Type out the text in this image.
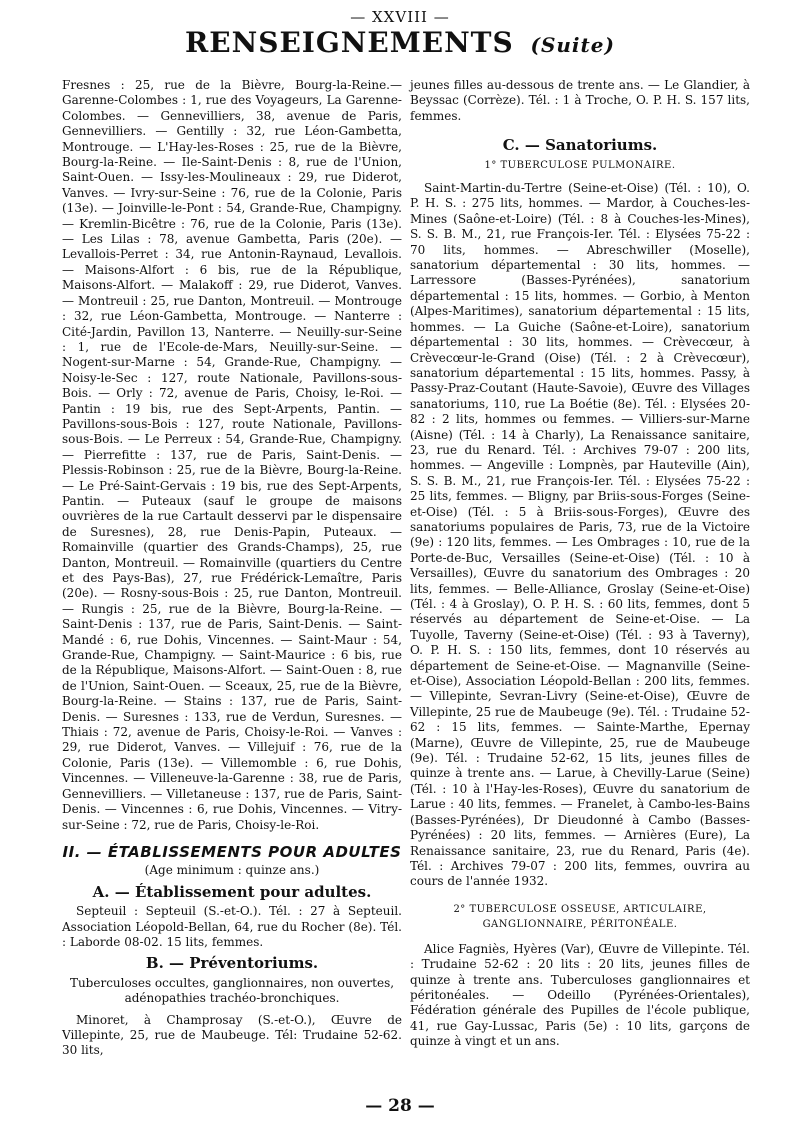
— XXVIII —
RENSEIGNEMENTS (Suite)

Fresnes : 25, rue de la Bièvre, Bourg-la-Reine.— Garenne-Colombes : 1, rue des Voyageurs, La Garenne-Colombes. — Gennevilliers, 38, avenue de Paris, Gennevilliers. — Gentilly : 32, rue Léon-Gambetta, Montrouge. — L'Hay-les-Roses : 25, rue de la Bièvre, Bourg-la-Reine. — Ile-Saint-Denis : 8, rue de l'Union, Saint-Ouen. — Issy-les-Moulineaux : 29, rue Diderot, Vanves. — Ivry-sur-Seine : 76, rue de la Colonie, Paris (13e). — Joinville-le-Pont : 54, Grande-Rue, Champigny. — Kremlin-Bicêtre : 76, rue de la Colonie, Paris (13e). — Les Lilas : 78, avenue Gambetta, Paris (20e). — Levallois-Perret : 34, rue Antonin-Raynaud, Levallois. — Maisons-Alfort : 6 bis, rue de la République, Maisons-Alfort. — Malakoff : 29, rue Diderot, Vanves. — Montreuil : 25, rue Danton, Montreuil. — Montrouge : 32, rue Léon-Gambetta, Montrouge. — Nanterre : Cité-Jardin, Pavillon 13, Nanterre. — Neuilly-sur-Seine : 1, rue de l'Ecole-de-Mars, Neuilly-sur-Seine. — Nogent-sur-Marne : 54, Grande-Rue, Champigny. — Noisy-le-Sec : 127, route Nationale, Pavillons-sous-Bois. — Orly : 72, avenue de Paris, Choisy, le-Roi. — Pantin : 19 bis, rue des Sept-Arpents, Pantin. — Pavillons-sous-Bois : 127, route Nationale, Pavillons-sous-Bois. — Le Perreux : 54, Grande-Rue, Champigny. — Pierrefitte : 137, rue de Paris, Saint-Denis. — Plessis-Robinson : 25, rue de la Bièvre, Bourg-la-Reine. — Le Pré-Saint-Gervais : 19 bis, rue des Sept-Arpents, Pantin. — Puteaux (sauf le groupe de maisons ouvrières de la rue Cartault desservi par le dispensaire de Suresnes), 28, rue Denis-Papin, Puteaux. — Romainville (quartier des Grands-Champs), 25, rue Danton, Montreuil. — Romainville (quartiers du Centre et des Pays-Bas), 27, rue Frédérick-Lemaître, Paris (20e). — Rosny-sous-Bois : 25, rue Danton, Montreuil. — Rungis : 25, rue de la Bièvre, Bourg-la-Reine. — Saint-Denis : 137, rue de Paris, Saint-Denis. — Saint-Mandé : 6, rue Dohis, Vincennes. — Saint-Maur : 54, Grande-Rue, Champigny. — Saint-Maurice : 6 bis, rue de la République, Maisons-Alfort. — Saint-Ouen : 8, rue de l'Union, Saint-Ouen. — Sceaux, 25, rue de la Bièvre, Bourg-la-Reine. — Stains : 137, rue de Paris, Saint-Denis. — Suresnes : 133, rue de Verdun, Suresnes. — Thiais : 72, avenue de Paris, Choisy-le-Roi. — Vanves : 29, rue Diderot, Vanves. — Villejuif : 76, rue de la Colonie, Paris (13e). — Villemomble : 6, rue Dohis, Vincennes. — Villeneuve-la-Garenne : 38, rue de Paris, Gennevilliers. — Villetaneuse : 137, rue de Paris, Saint-Denis. — Vincennes : 6, rue Dohis, Vincennes. — Vitry-sur-Seine : 72, rue de Paris, Choisy-le-Roi.

II. — ÉTABLISSEMENTS POUR ADULTES
(Age minimum : quinze ans.)
A. — Établissement pour adultes.

Septeuil : Septeuil (S.-et-O.). Tél. : 27 à Septeuil. Association Léopold-Bellan, 64, rue du Rocher (8e). Tél. : Laborde 08-02. 15 lits, femmes.

B. — Préventoriums.

Tuberculoses occultes, ganglionnaires, non ouvertes, adénopathies trachéo-bronchiques.

Minoret, à Champrosay (S.-et-O.), Œuvre de Villepinte, 25, rue de Maubeuge. Tél: Trudaine 52-62. 30 lits,

jeunes filles au-dessous de trente ans. — Le Glandier, à Beyssac (Corrèze). Tél. : 1 à Troche, O. P. H. S. 157 lits, femmes.

C. — Sanatoriums.
1° TUBERCULOSE PULMONAIRE.

Saint-Martin-du-Tertre (Seine-et-Oise) (Tél. : 10), O. P. H. S. : 275 lits, hommes. — Mardor, à Couches-les-Mines (Saône-et-Loire) (Tél. : 8 à Couches-les-Mines), S. S. B. M., 21, rue François-Ier. Tél. : Elysées 75-22 : 70 lits, hommes. — Abreschwiller (Moselle), sanatorium départemental : 30 lits, hommes. — Larressore (Basses-Pyrénées), sanatorium départemental : 15 lits, hommes. — Gorbio, à Menton (Alpes-Maritimes), sanatorium départemental : 15 lits, hommes. — La Guiche (Saône-et-Loire), sanatorium départemental : 30 lits, hommes. — Crèvecœur, à Crèvecœur-le-Grand (Oise) (Tél. : 2 à Crèvecœur), sanatorium départemental : 15 lits, hommes. Passy, à Passy-Praz-Coutant (Haute-Savoie), Œuvre des Villages sanatoriums, 110, rue La Boétie (8e). Tél. : Elysées 20-82 : 2 lits, hommes ou femmes. — Villiers-sur-Marne (Aisne) (Tél. : 14 à Charly), La Renaissance sanitaire, 23, rue du Renard. Tél. : Archives 79-07 : 200 lits, hommes. — Angeville : Lompnès, par Hauteville (Ain), S. S. B. M., 21, rue François-Ier. Tél. : Elysées 75-22 : 25 lits, femmes. — Bligny, par Briis-sous-Forges (Seine-et-Oise) (Tél. : 5 à Briis-sous-Forges), Œuvre des sanatoriums populaires de Paris, 73, rue de la Victoire (9e) : 120 lits, femmes. — Les Ombrages : 10, rue de la Porte-de-Buc, Versailles (Seine-et-Oise) (Tél. : 10 à Versailles), Œuvre du sanatorium des Ombrages : 20 lits, femmes. — Belle-Alliance, Groslay (Seine-et-Oise) (Tél. : 4 à Groslay), O. P. H. S. : 60 lits, femmes, dont 5 réservés au département de Seine-et-Oise. — La Tuyolle, Taverny (Seine-et-Oise) (Tél. : 93 à Taverny), O. P. H. S. : 150 lits, femmes, dont 10 réservés au département de Seine-et-Oise. — Magnanville (Seine-et-Oise), Association Léopold-Bellan : 200 lits, femmes. — Villepinte, Sevran-Livry (Seine-et-Oise), Œuvre de Villepinte, 25 rue de Maubeuge (9e). Tél. : Trudaine 52-62 : 15 lits, femmes. — Sainte-Marthe, Epernay (Marne), Œuvre de Villepinte, 25, rue de Maubeuge (9e). Tél. : Trudaine 52-62, 15 lits, jeunes filles de quinze à trente ans. — Larue, à Chevilly-Larue (Seine) (Tél. : 10 à l'Hay-les-Roses), Œuvre du sanatorium de Larue : 40 lits, femmes. — Franelet, à Cambo-les-Bains (Basses-Pyrénées), Dr Dieudonné à Cambo (Basses-Pyrénées) : 20 lits, femmes. — Arnières (Eure), La Renaissance sanitaire, 23, rue du Renard, Paris (4e). Tél. : Archives 79-07 : 200 lits, femmes, ouvrira au cours de l'année 1932.

2° TUBERCULOSE OSSEUSE, ARTICULAIRE, GANGLIONNAIRE, PÉRITONÉALE.

Alice Fagniès, Hyères (Var), Œuvre de Villepinte. Tél. : Trudaine 52-62 : 20 lits : 20 lits, jeunes filles de quinze à trente ans. Tuberculoses ganglionnaires et péritonéales. — Odeillo (Pyrénées-Orientales), Fédération générale des Pupilles de l'école publique, 41, rue Gay-Lussac, Paris (5e) : 10 lits, garçons de quinze à vingt et un ans.

— 28 —
